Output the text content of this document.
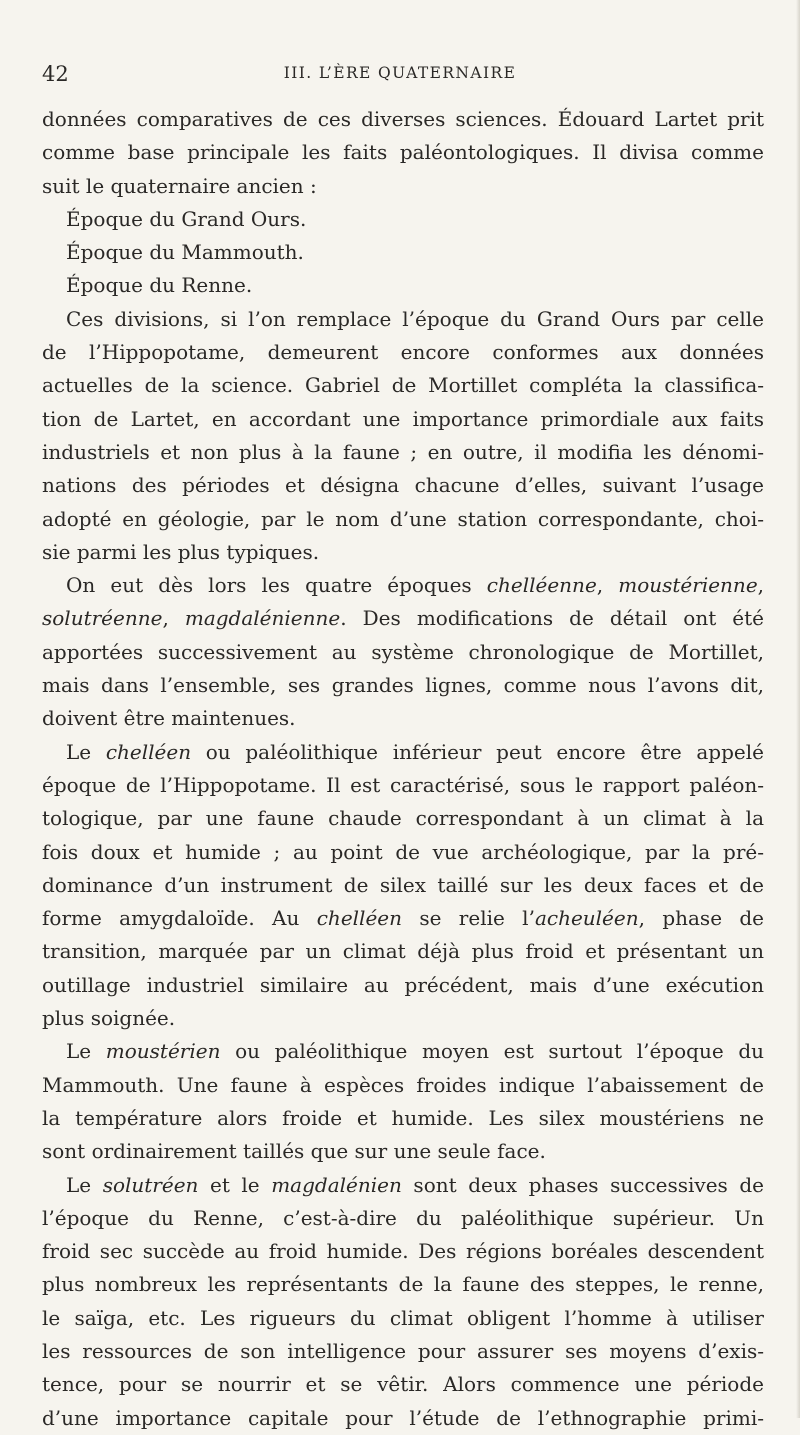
42	III. L’ÈRE QUATERNAIRE
données comparatives de ces diverses sciences. Édouard Lartet prit
comme base principale les faits paléontologiques. Il divisa comme
suit le quaternaire ancien :
Époque du Grand Ours.
Époque du Mammouth.
Époque du Renne.
Ces divisions, si l’on remplace l’époque du Grand Ours par celle
de l’Hippopotame, demeurent encore conformes aux données
actuelles de la science. Gabriel de Mortillet compléta la classifica-
tion de Lartet, en accordant une importance primordiale aux faits
industriels et non plus à la faune ; en outre, il modifia les dénomi-
nations des périodes et désigna chacune d’elles, suivant l’usage
adopté en géologie, par le nom d’une station correspondante, choi-
sie parmi les plus typiques.
On eut dès lors les quatre époques chelléenne, moustérienne,
solutréenne, magdalénienne. Des modifications de détail ont été
apportées successivement au système chronologique de Mortillet,
mais dans l’ensemble, ses grandes lignes, comme nous l’avons dit,
doivent être maintenues.
Le chelléen ou paléolithique inférieur peut encore être appelé
époque de l’Hippopotame. Il est caractérisé, sous le rapport paléon-
tologique, par une faune chaude correspondant à un climat à la
fois doux et humide ; au point de vue archéologique, par la pré-
dominance d’un instrument de silex taillé sur les deux faces et de
forme amygdaloïde. Au chelléen se relie l’acheuléen, phase de
transition, marquée par un climat déjà plus froid et présentant un
outillage industriel similaire au précédent, mais d’une exécution
plus soignée.
Le moustérien ou paléolithique moyen est surtout l’époque du
Mammouth. Une faune à espèces froides indique l’abaissement de
la température alors froide et humide. Les silex moustériens ne
sont ordinairement taillés que sur une seule face.
Le solutréen et le magdalénien sont deux phases successives de
l’époque du Renne, c’est-à-dire du paléolithique supérieur. Un
froid sec succède au froid humide. Des régions boréales descendent
plus nombreux les représentants de la faune des steppes, le renne,
le saïga, etc. Les rigueurs du climat obligent l’homme à utiliser
les ressources de son intelligence pour assurer ses moyens d’exis-
tence, pour se nourrir et se vêtir. Alors commence une période
d’une importance capitale pour l’étude de l’ethnographie primi-
